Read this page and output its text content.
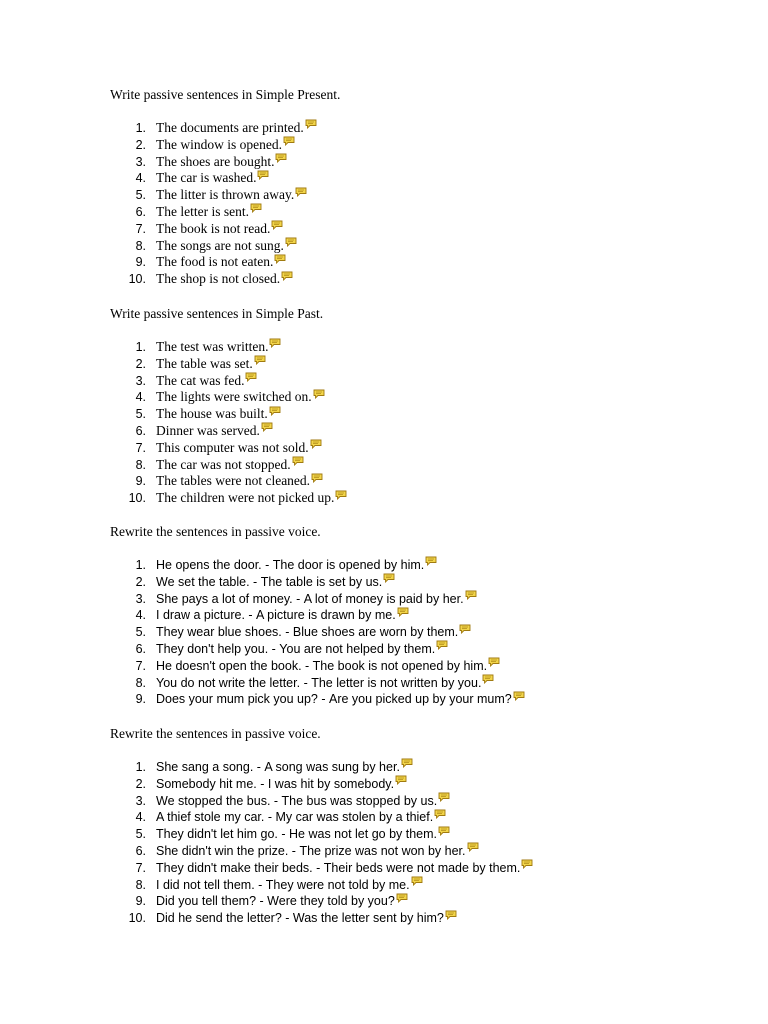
Write passive sentences in Simple Present.
1. The documents are printed.
2. The window is opened.
3. The shoes are bought.
4. The car is washed.
5. The litter is thrown away.
6. The letter is sent.
7. The book is not read.
8. The songs are not sung.
9. The food is not eaten.
10. The shop is not closed.
Write passive sentences in Simple Past.
1. The test was written.
2. The table was set.
3. The cat was fed.
4. The lights were switched on.
5. The house was built.
6. Dinner was served.
7. This computer was not sold.
8. The car was not stopped.
9. The tables were not cleaned.
10. The children were not picked up.
Rewrite the sentences in passive voice.
1. He opens the door. - The door is opened by him.
2. We set the table. - The table is set by us.
3. She pays a lot of money. - A lot of money is paid by her.
4. I draw a picture. - A picture is drawn by me.
5. They wear blue shoes. - Blue shoes are worn by them.
6. They don't help you. - You are not helped by them.
7. He doesn't open the book. - The book is not opened by him.
8. You do not write the letter. - The letter is not written by you.
9. Does your mum pick you up? - Are you picked up by your mum?
Rewrite the sentences in passive voice.
1. She sang a song. - A song was sung by her.
2. Somebody hit me. - I was hit by somebody.
3. We stopped the bus. - The bus was stopped by us.
4. A thief stole my car. - My car was stolen by a thief.
5. They didn't let him go. - He was not let go by them.
6. She didn't win the prize. - The prize was not won by her.
7. They didn't make their beds. - Their beds were not made by them.
8. I did not tell them. - They were not told by me.
9. Did you tell them? - Were they told by you?
10. Did he send the letter? - Was the letter sent by him?
